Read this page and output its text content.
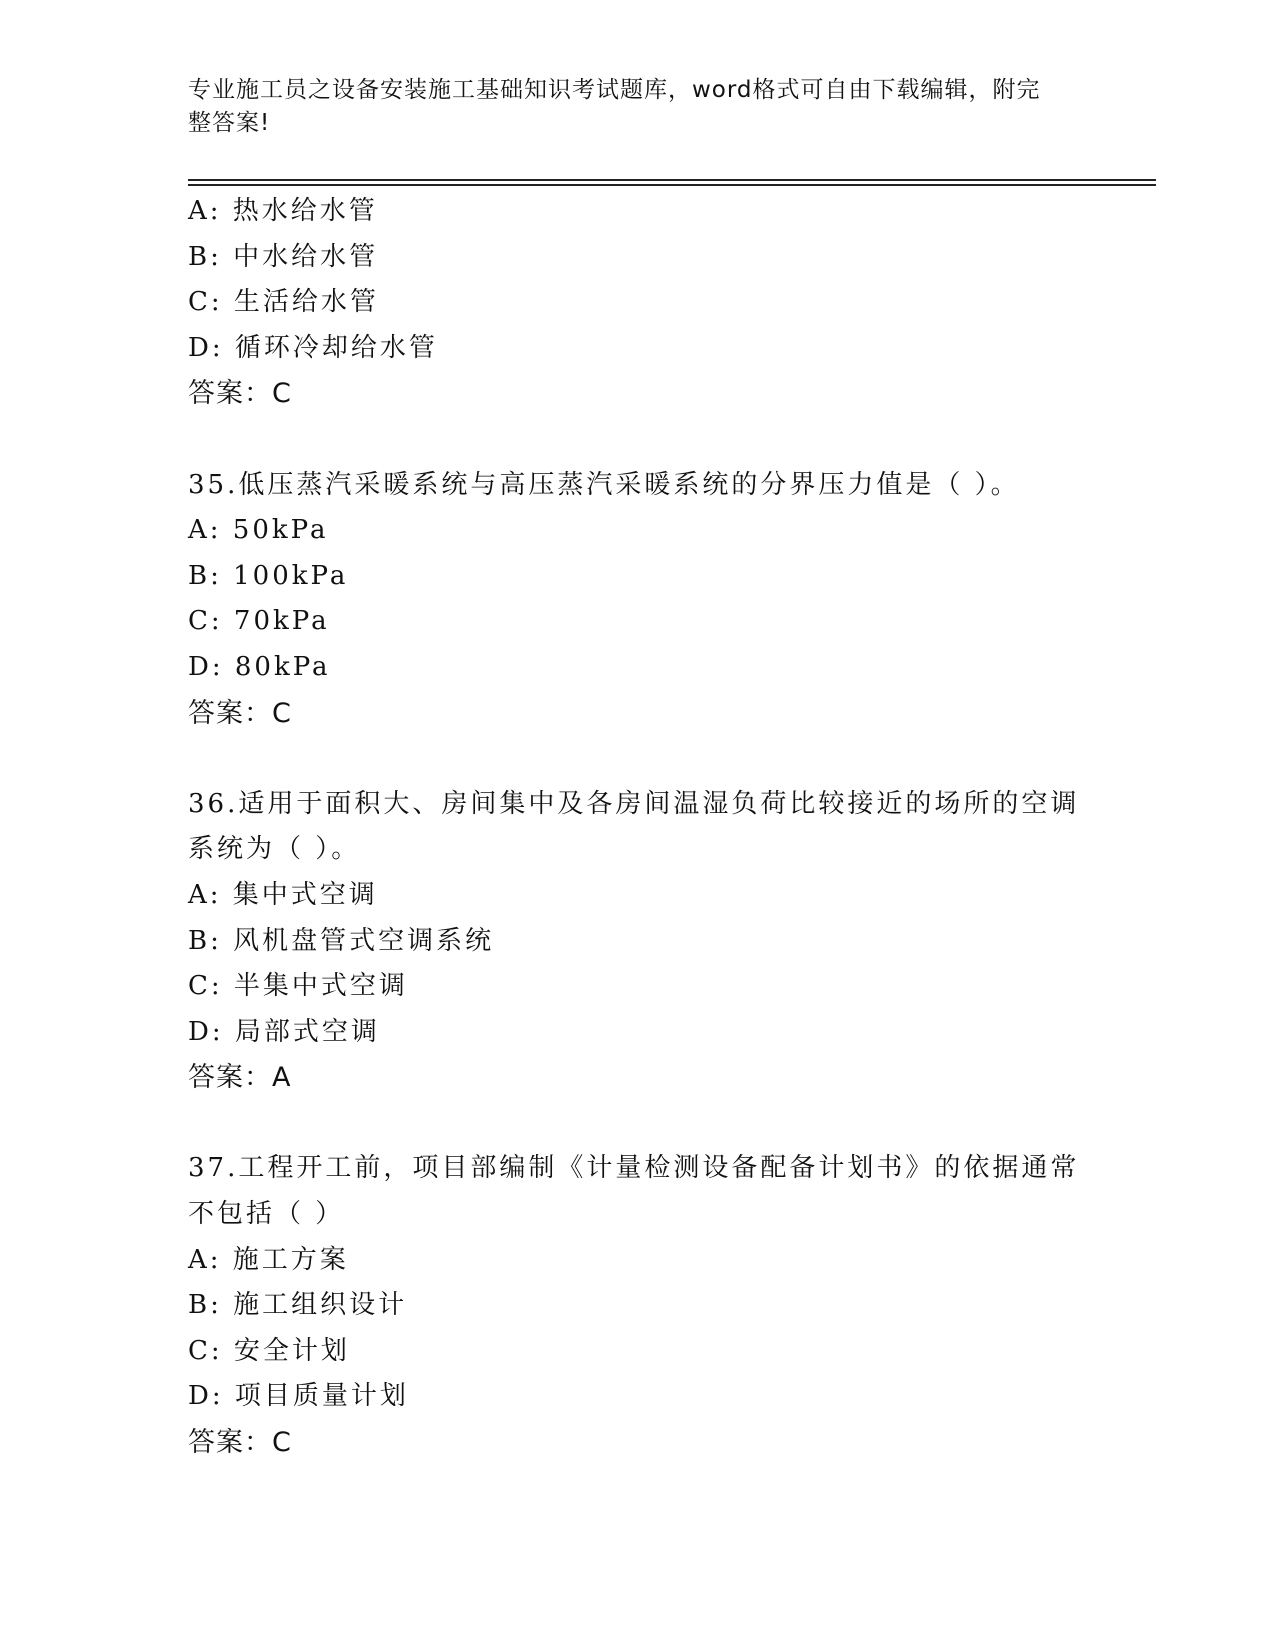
专业施工员之设备安装施工基础知识考试题库，word格式可自由下载编辑，附完
整答案!
A: 热水给水管
B: 中水给水管
C: 生活给水管
D: 循环冷却给水管
答案：C
35.低压蒸汽采暖系统与高压蒸汽采暖系统的分界压力值是（ ）。
A: 50kPa
B: 100kPa
C: 70kPa
D: 80kPa
答案：C
36.适用于面积大、房间集中及各房间温湿负荷比较接近的场所的空调
系统为（ ）。
A: 集中式空调
B: 风机盘管式空调系统
C: 半集中式空调
D: 局部式空调
答案：A
37.工程开工前，项目部编制《计量检测设备配备计划书》的依据通常
不包括（ ）
A: 施工方案
B: 施工组织设计
C: 安全计划
D: 项目质量计划
答案：C
